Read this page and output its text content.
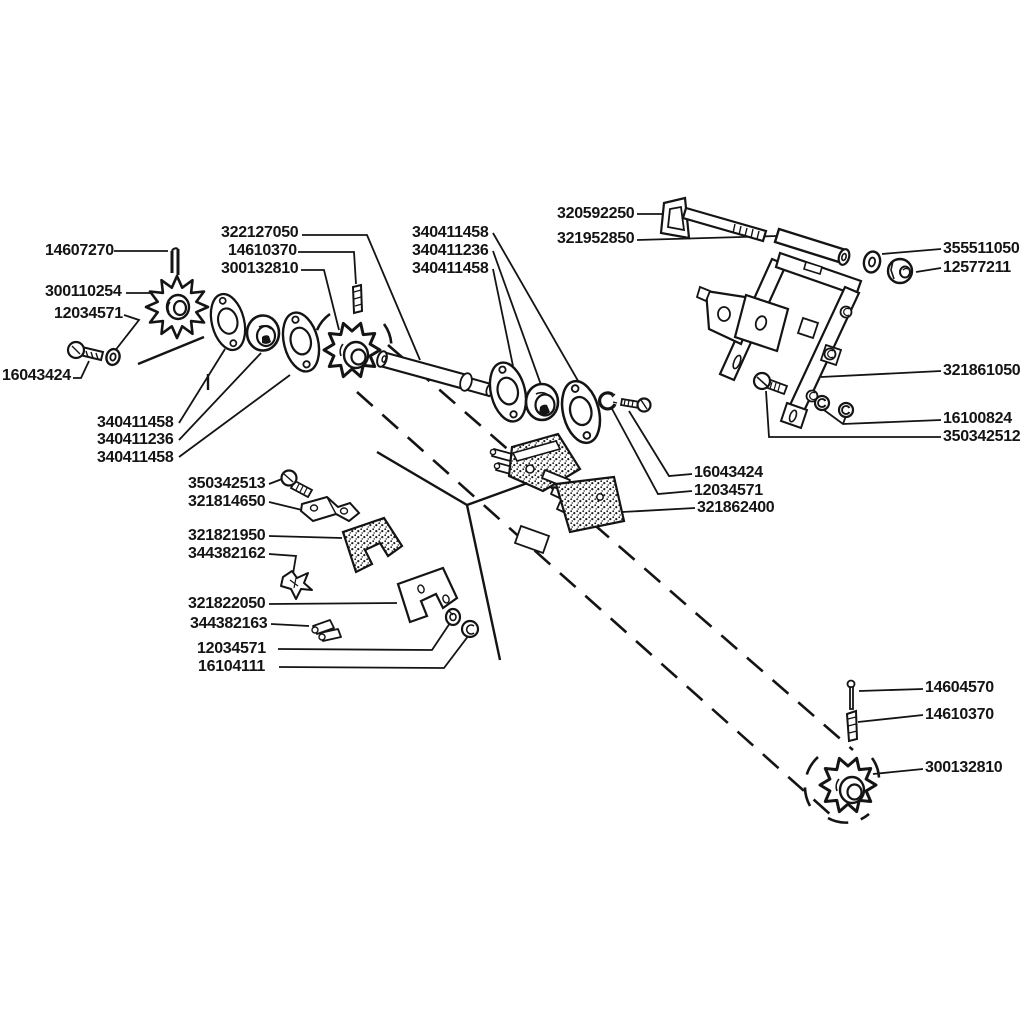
14607270
300110254
12034571
16043424
322127050
14610370
300132810
340411458
340411236
340411458
320592250
321952850
355511050
12577211
321861050
16100824
350342512
16043424
12034571
321862400
340411458
340411236
340411458
350342513
321814650
321821950
344382162
321822050
344382163
12034571
16104111
14604570
14610370
300132810
